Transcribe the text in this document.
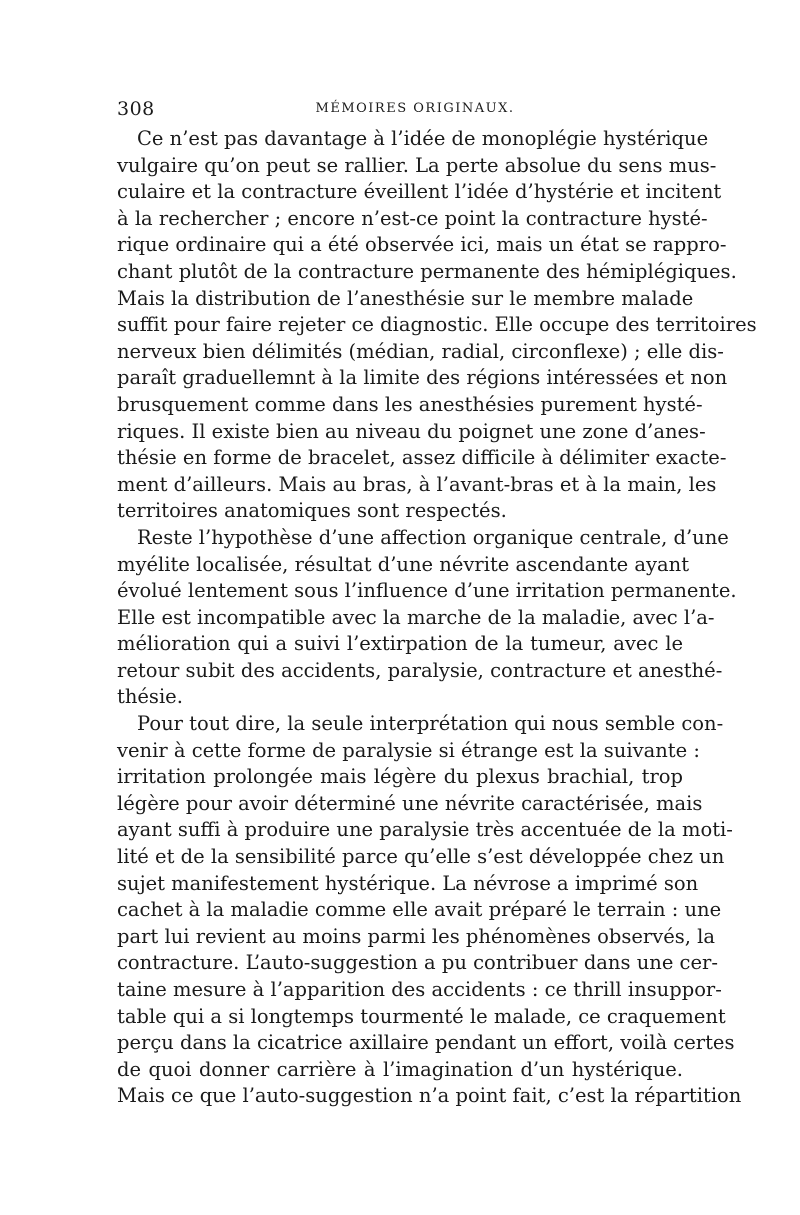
308	MÉMOIRES ORIGINAUX.
Ce n’est pas davantage à l’idée de monoplégie hystérique
vulgaire qu’on peut se rallier. La perte absolue du sens mus-
culaire et la contracture éveillent l’idée d’hystérie et incitent
à la rechercher ; encore n’est-ce point la contracture hysté-
rique ordinaire qui a été observée ici, mais un état se rappro-
chant plutôt de la contracture permanente des hémiplégiques.
Mais la distribution de l’anesthésie sur le membre malade
suffit pour faire rejeter ce diagnostic. Elle occupe des territoires
nerveux bien délimités (médian, radial, circonflexe) ; elle dis-
paraît graduellemnt à la limite des régions intéressées et non
brusquement comme dans les anesthésies purement hysté-
riques. Il existe bien au niveau du poignet une zone d’anes-
thésie en forme de bracelet, assez difficile à délimiter exacte-
ment d’ailleurs. Mais au bras, à l’avant-bras et à la main, les
territoires anatomiques sont respectés.
Reste l’hypothèse d’une affection organique centrale, d’une
myélite localisée, résultat d’une névrite ascendante ayant
évolué lentement sous l’influence d’une irritation permanente.
Elle est incompatible avec la marche de la maladie, avec l’a-
mélioration qui a suivi l’extirpation de la tumeur, avec le
retour subit des accidents, paralysie, contracture et anesthé-
thésie.
Pour tout dire, la seule interprétation qui nous semble con-
venir à cette forme de paralysie si étrange est la suivante :
irritation prolongée mais légère du plexus brachial, trop
légère pour avoir déterminé une névrite caractérisée, mais
ayant suffi à produire une paralysie très accentuée de la moti-
lité et de la sensibilité parce qu’elle s’est développée chez un
sujet manifestement hystérique. La névrose a imprimé son
cachet à la maladie comme elle avait préparé le terrain : une
part lui revient au moins parmi les phénomènes observés, la
contracture. L’auto-suggestion a pu contribuer dans une cer-
taine mesure à l’apparition des accidents : ce thrill insuppor-
table qui a si longtemps tourmenté le malade, ce craquement
perçu dans la cicatrice axillaire pendant un effort, voilà certes
de quoi donner carrière à l’imagination d’un hystérique.
Mais ce que l’auto-suggestion n’a point fait, c’est la répartition
